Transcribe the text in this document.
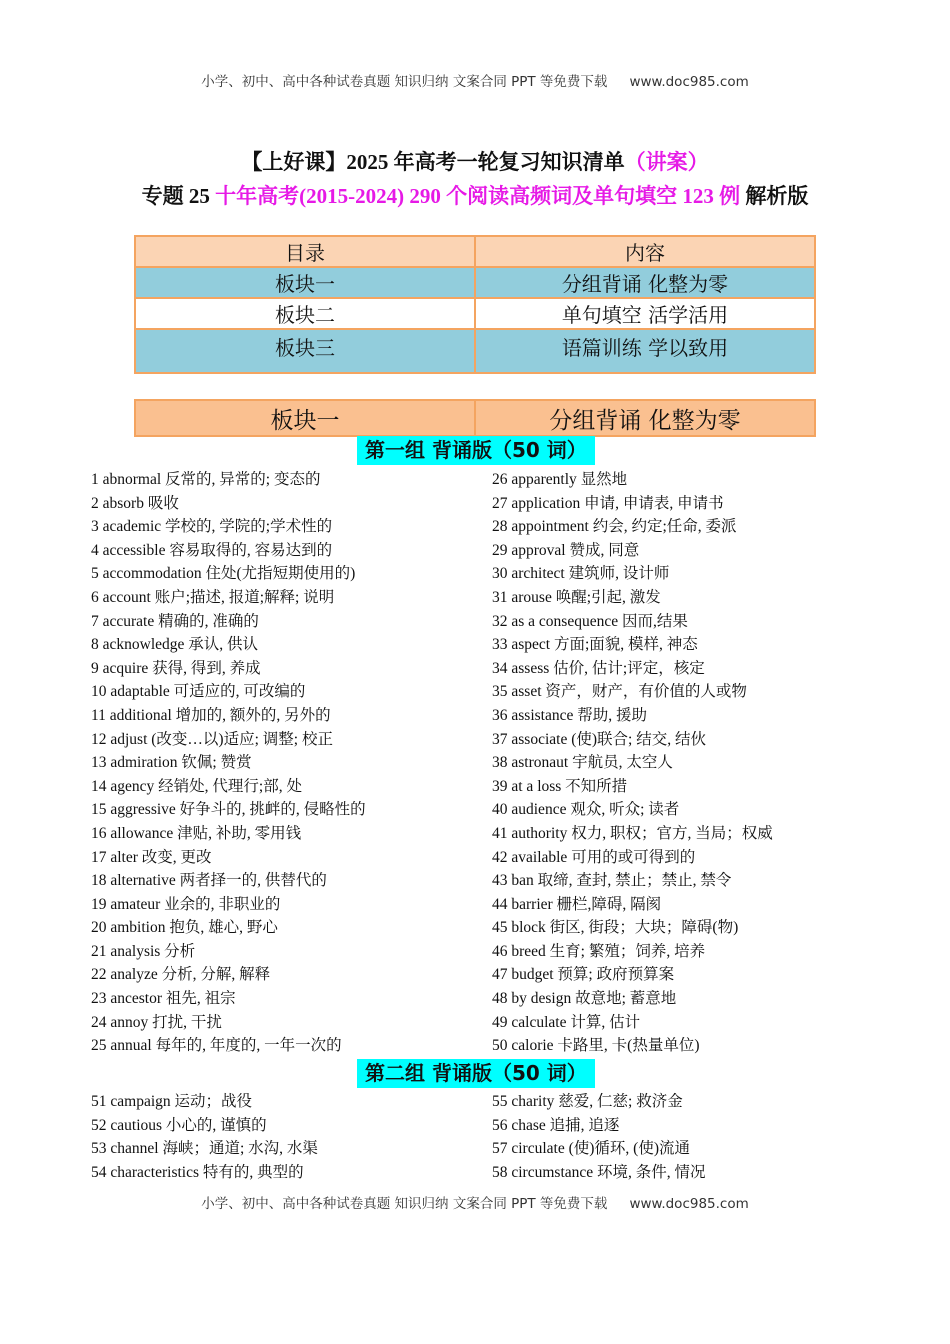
小学、初中、高中各种试卷真题 知识归纳 文案合同 PPT 等免费下载 www.doc985.com
【上好课】2025 年高考一轮复习知识清单（讲案）
专题 25 十年高考(2015-2024) 290 个阅读高频词及单句填空 123 例 解析版
目录	内容
板块一	分组背诵 化整为零
板块二	单句填空 活学活用
板块三	语篇训练 学以致用
板块一	分组背诵 化整为零
第一组 背诵版（50 词）
1 abnormal 反常的, 异常的; 变态的
2 absorb 吸收
3 academic 学校的, 学院的;学术性的
4 accessible 容易取得的, 容易达到的
5 accommodation 住处(尤指短期使用的)
6 account 账户;描述, 报道;解释; 说明
7 accurate 精确的, 准确的
8 acknowledge 承认, 供认
9 acquire 获得, 得到, 养成
10 adaptable 可适应的, 可改编的
11 additional 增加的, 额外的, 另外的
12 adjust (改变…以)适应; 调整; 校正
13 admiration 钦佩; 赞赏
14 agency 经销处, 代理行;部, 处
15 aggressive 好争斗的, 挑衅的, 侵略性的
16 allowance 津贴, 补助, 零用钱
17 alter 改变, 更改
18 alternative 两者择一的, 供替代的
19 amateur 业余的, 非职业的
20 ambition 抱负, 雄心, 野心
21 analysis 分析
22 analyze 分析, 分解, 解释
23 ancestor 祖先, 祖宗
24 annoy 打扰, 干扰
25 annual 每年的, 年度的, 一年一次的
26 apparently 显然地
27 application 申请, 申请表, 申请书
28 appointment 约会, 约定;任命, 委派
29 approval 赞成, 同意
30 architect 建筑师, 设计师
31 arouse 唤醒;引起, 激发
32 as a consequence 因而,结果
33 aspect 方面;面貌, 模样, 神态
34 assess 估价, 估计;评定，核定
35 asset 资产，财产，有价值的人或物
36 assistance 帮助, 援助
37 associate (使)联合; 结交, 结伙
38 astronaut 宇航员, 太空人
39 at a loss 不知所措
40 audience 观众, 听众; 读者
41 authority 权力, 职权；官方, 当局；权威
42 available 可用的或可得到的
43 ban 取缔, 查封, 禁止；禁止, 禁令
44 barrier 栅栏,障碍, 隔阂
45 block 街区, 街段；大块；障碍(物)
46 breed 生育; 繁殖；饲养, 培养
47 budget 预算; 政府预算案
48 by design 故意地; 蓄意地
49 calculate 计算, 估计
50 calorie 卡路里, 卡(热量单位)
第二组 背诵版（50 词）
51 campaign 运动；战役
52 cautious 小心的, 谨慎的
53 channel 海峡；通道; 水沟, 水渠
54 characteristics 特有的, 典型的
55 charity 慈爱, 仁慈; 救济金
56 chase 追捕, 追逐
57 circulate (使)循环, (使)流通
58 circumstance 环境, 条件, 情况
小学、初中、高中各种试卷真题 知识归纳 文案合同 PPT 等免费下载 www.doc985.com
